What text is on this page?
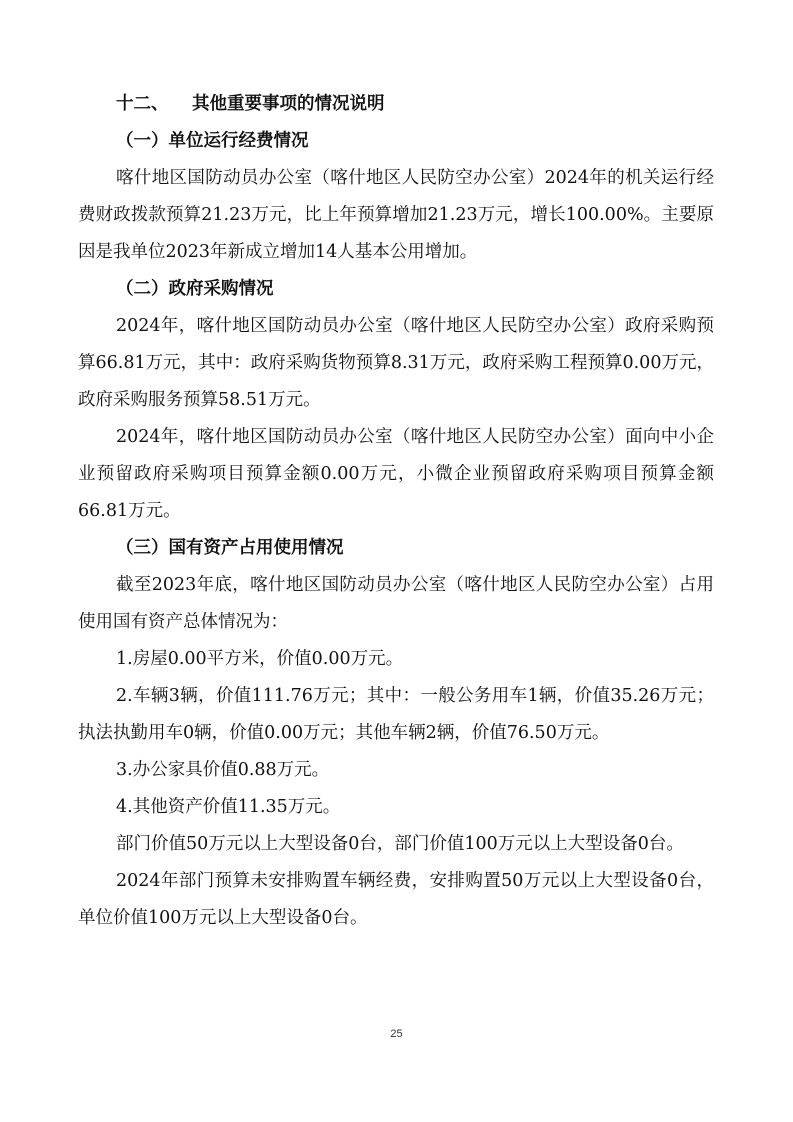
十二、 其他重要事项的情况说明
（一）单位运行经费情况

喀什地区国防动员办公室（喀什地区人民防空办公室）2024年的机关运行经费财政拨款预算21.23万元，比上年预算增加21.23万元，增长100.00%。主要原因是我单位2023年新成立增加14人基本公用增加。

（二）政府采购情况

2024年，喀什地区国防动员办公室（喀什地区人民防空办公室）政府采购预算66.81万元，其中：政府采购货物预算8.31万元，政府采购工程预算0.00万元，政府采购服务预算58.51万元。

2024年，喀什地区国防动员办公室（喀什地区人民防空办公室）面向中小企业预留政府采购项目预算金额0.00万元，小微企业预留政府采购项目预算金额66.81万元。

（三）国有资产占用使用情况

截至2023年底，喀什地区国防动员办公室（喀什地区人民防空办公室）占用使用国有资产总体情况为：

1.房屋0.00平方米，价值0.00万元。

2.车辆3辆，价值111.76万元；其中：一般公务用车1辆，价值35.26万元；执法执勤用车0辆，价值0.00万元；其他车辆2辆，价值76.50万元。

3.办公家具价值0.88万元。

4.其他资产价值11.35万元。

部门价值50万元以上大型设备0台，部门价值100万元以上大型设备0台。

2024年部门预算未安排购置车辆经费，安排购置50万元以上大型设备0台，单位价值100万元以上大型设备0台。

25
